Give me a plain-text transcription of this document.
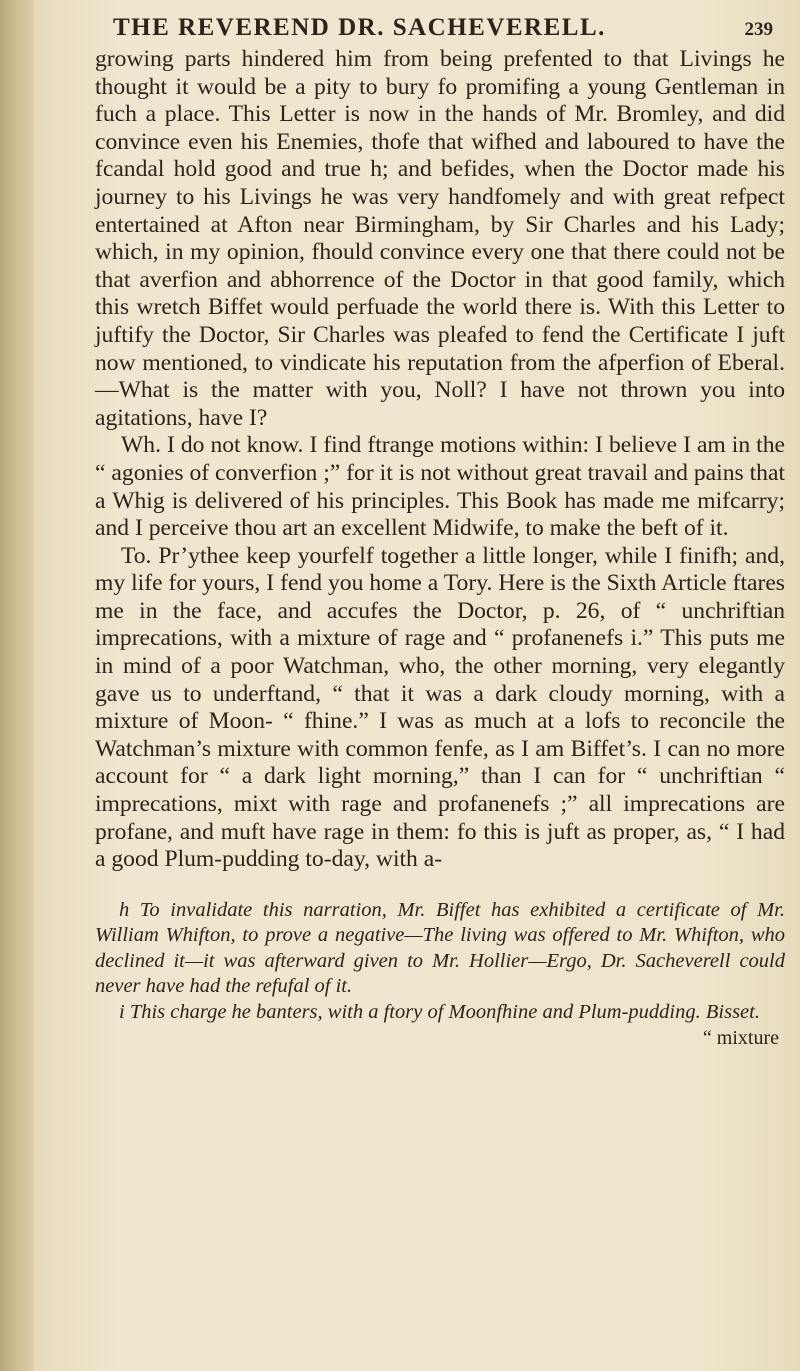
THE REVEREND DR. SACHEVERELL.	239

growing parts hindered him from being prefented to that Livings he thought it would be a pity to bury fo promifing a young Gentleman in fuch a place. This Letter is now in the hands of Mr. Bromley, and did convince even his Enemies, thofe that wifhed and laboured to have the fcandal hold good and true h; and befides, when the Doctor made his journey to his Livings he was very handfomely and with great refpect entertained at Afton near Birmingham, by Sir Charles and his Lady; which, in my opinion, fhould convince every one that there could not be that averfion and abhorrence of the Doctor in that good family, which this wretch Biffet would perfuade the world there is. With this Letter to juftify the Doctor, Sir Charles was pleafed to fend the Certificate I juft now mentioned, to vindicate his reputation from the afperfion of Eberal.—What is the matter with you, Noll? I have not thrown you into agitations, have I?

Wh. I do not know. I find ftrange motions within: I believe I am in the “ agonies of converfion ;” for it is not without great travail and pains that a Whig is delivered of his principles. This Book has made me mifcarry; and I perceive thou art an excellent Midwife, to make the beft of it.

To. Pr’ythee keep yourfelf together a little longer, while I finifh; and, my life for yours, I fend you home a Tory. Here is the Sixth Article ftares me in the face, and accufes the Doctor, p. 26, of “ unchriftian imprecations, with a mixture of rage and “ profanenefs i.” This puts me in mind of a poor Watchman, who, the other morning, very elegantly gave us to underftand, “ that it was a dark cloudy morning, with a mixture of Moon- “ fhine.” I was as much at a lofs to reconcile the Watchman’s mixture with common fenfe, as I am Biffet’s. I can no more account for “ a dark light morning,” than I can for “ unchriftian “ imprecations, mixt with rage and profanenefs ;” all imprecations are profane, and muft have rage in them: fo this is juft as proper, as, “ I had a good Plum-pudding to-day, with a-

h To invalidate this narration, Mr. Biffet has exhibited a certificate of Mr. William Whifton, to prove a negative—The living was offered to Mr. Whifton, who declined it—it was afterward given to Mr. Hollier—Ergo, Dr. Sacheverell could never have had the refufal of it.

i This charge he banters, with a ftory of Moonfhine and Plum-pudding. Bisset.

“ mixture
